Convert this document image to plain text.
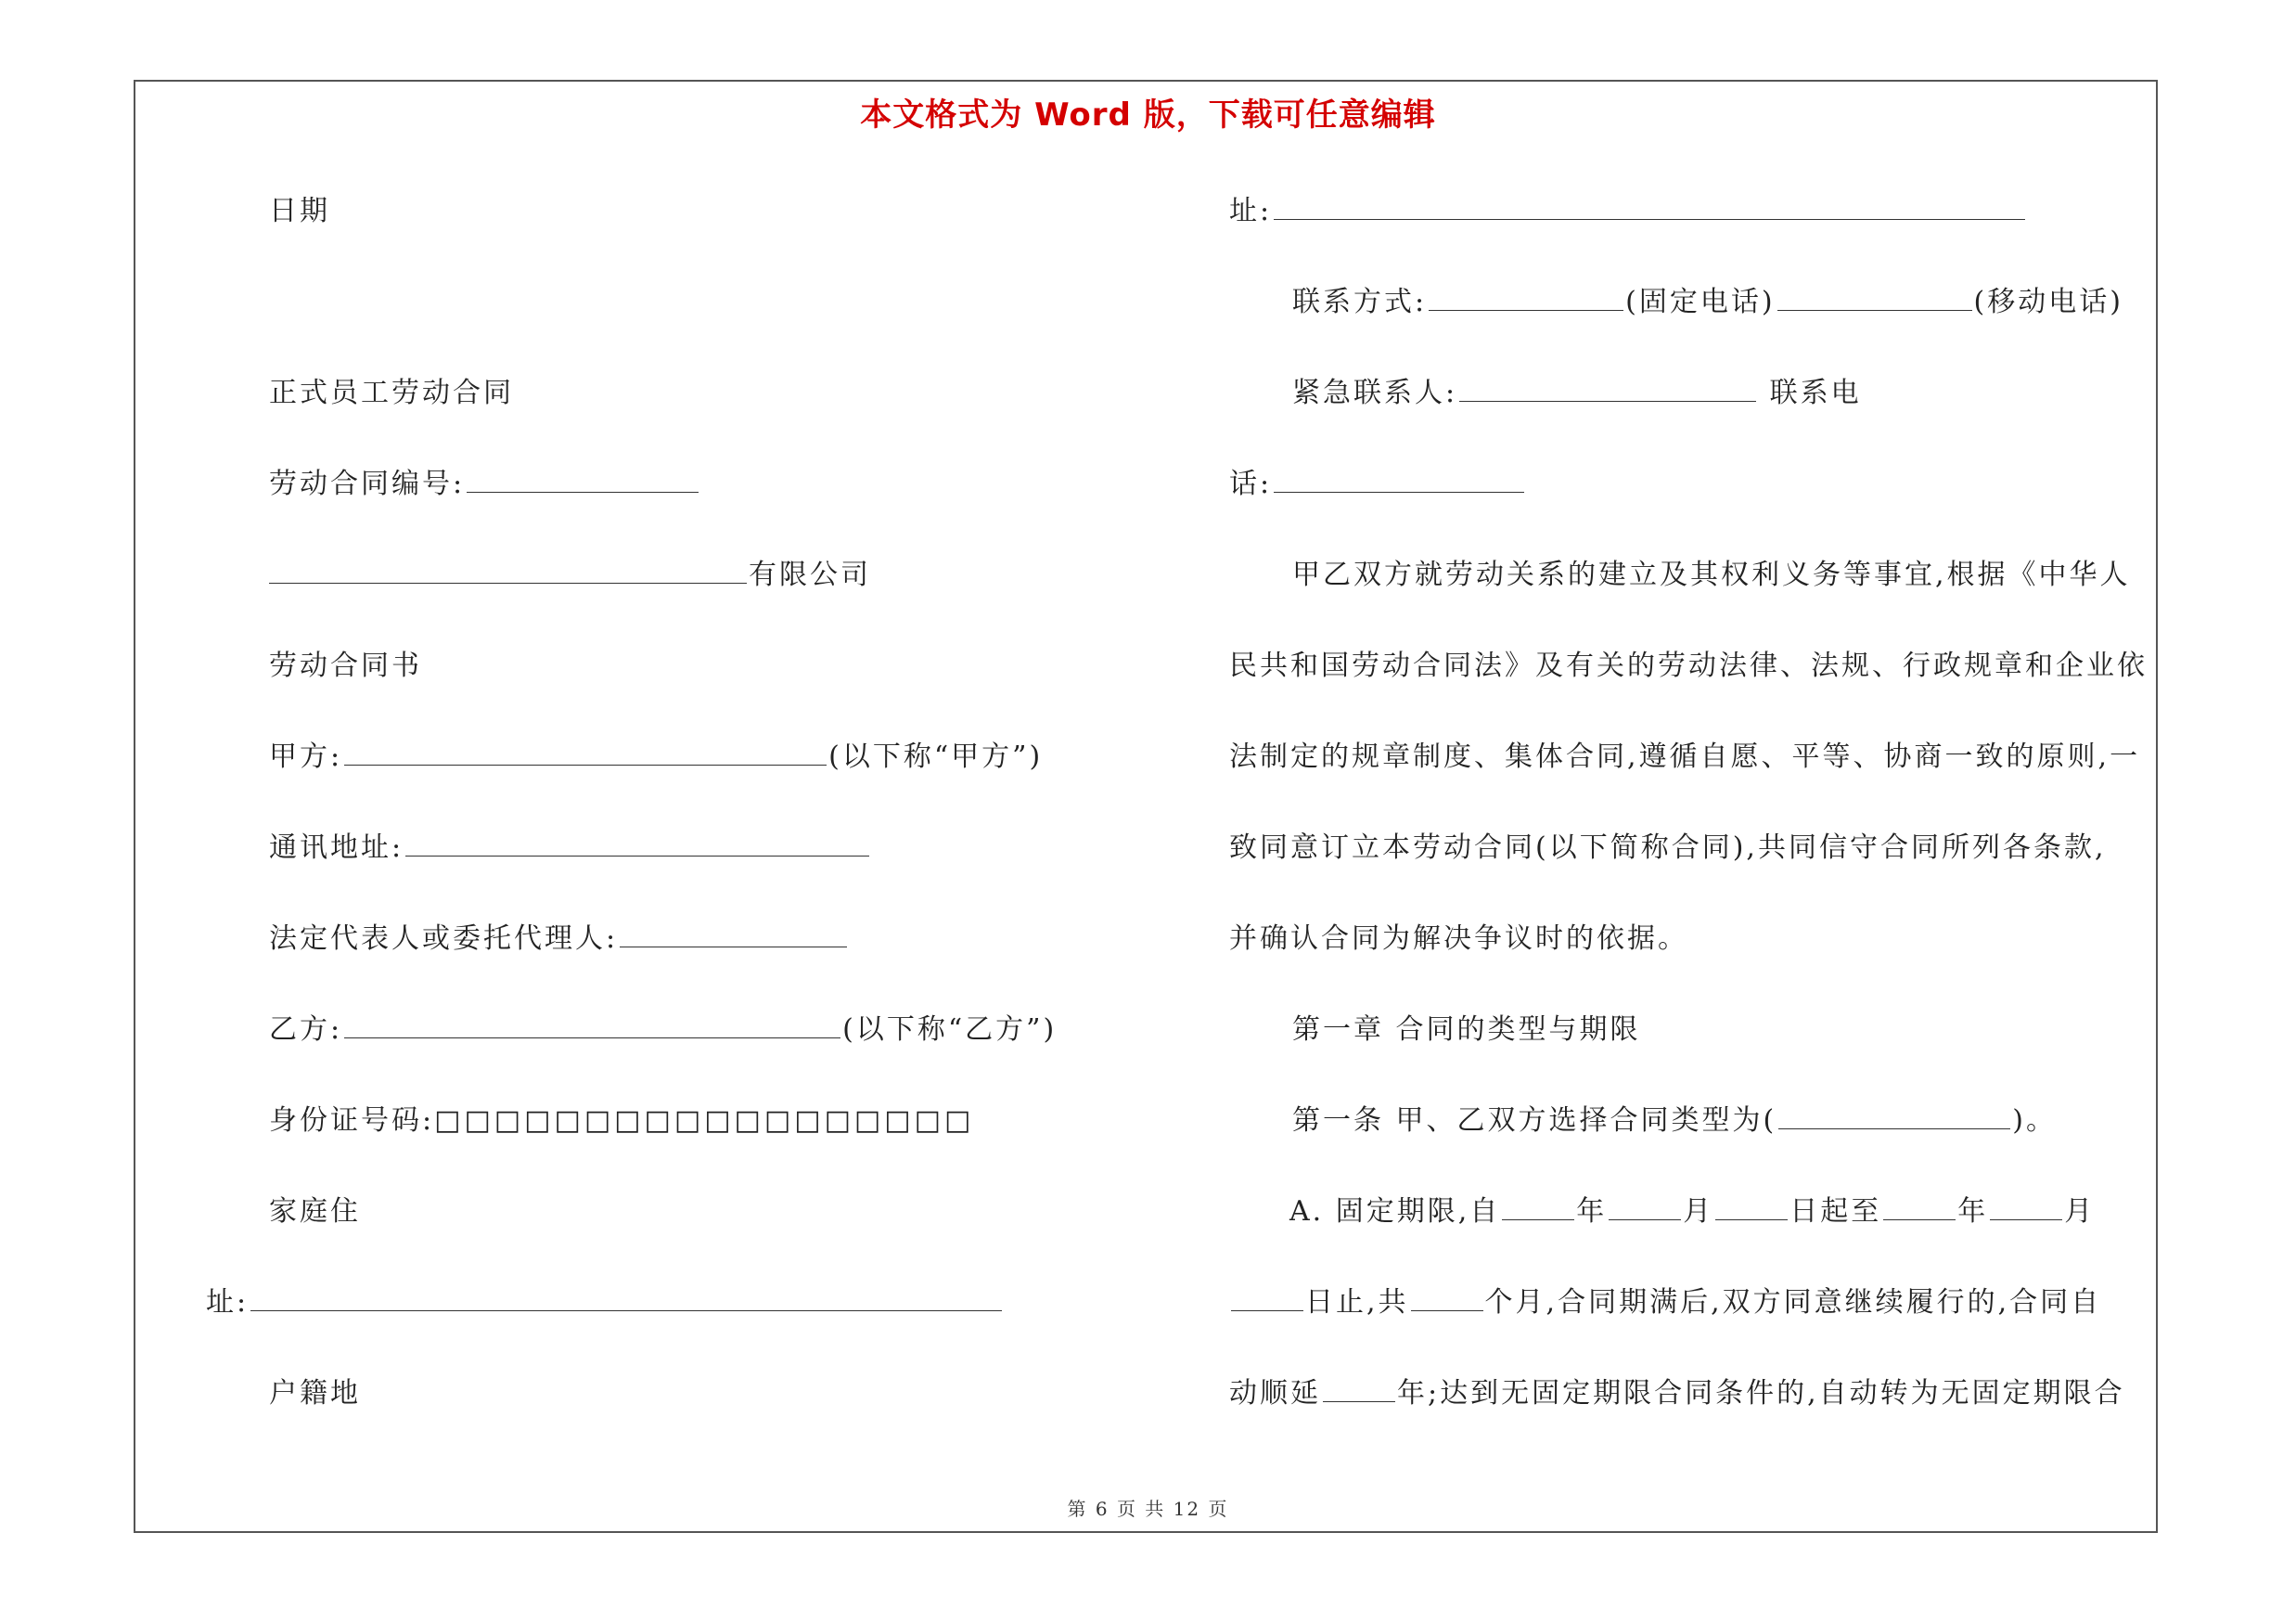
本文格式为 Word 版，下载可任意编辑
日期
正式员工劳动合同
劳动合同编号:
有限公司
劳动合同书
甲方:	(以下称“甲方”)
通讯地址:
法定代表人或委托代理人:
乙方:	(以下称“乙方”)
身份证号码:□□□□□□□□□□□□□□□□□□
家庭住
址:
户籍地
址:
联系方式:	(固定电话)	(移动电话)
紧急联系人:	联系电
话:
甲乙双方就劳动关系的建立及其权利义务等事宜,根据《中华人
民共和国劳动合同法》及有关的劳动法律、法规、行政规章和企业依
法制定的规章制度、集体合同,遵循自愿、平等、协商一致的原则,一
致同意订立本劳动合同(以下简称合同),共同信守合同所列各条款,
并确认合同为解决争议时的依据。
第一章 合同的类型与期限
第一条 甲、乙双方选择合同类型为(	)。
A. 固定期限,自	年	月	日起至	年	月
日止,共	个月,合同期满后,双方同意继续履行的,合同自
动顺延	年;达到无固定期限合同条件的,自动转为无固定期限合
第 6 页 共 12 页
